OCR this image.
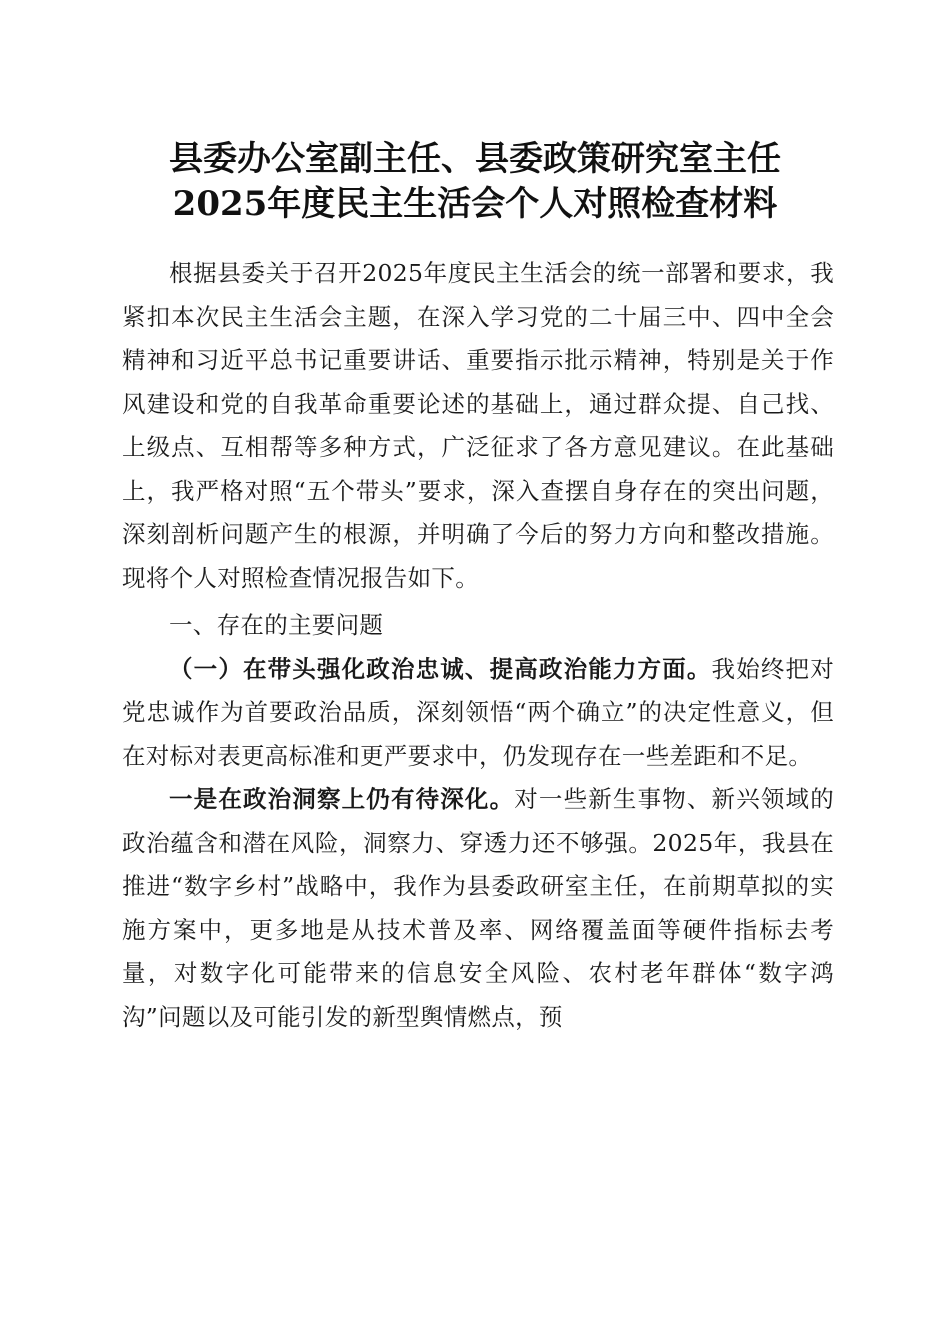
县委办公室副主任、县委政策研究室主任
2025年度民主生活会个人对照检查材料

根据县委关于召开2025年度民主生活会的统一部署和要求，我紧扣本次民主生活会主题，在深入学习党的二十届三中、四中全会精神和习近平总书记重要讲话、重要指示批示精神，特别是关于作风建设和党的自我革命重要论述的基础上，通过群众提、自己找、上级点、互相帮等多种方式，广泛征求了各方意见建议。在此基础上，我严格对照“五个带头”要求，深入查摆自身存在的突出问题，深刻剖析问题产生的根源，并明确了今后的努力方向和整改措施。现将个人对照检查情况报告如下。

一、存在的主要问题

（一）在带头强化政治忠诚、提高政治能力方面。我始终把对党忠诚作为首要政治品质，深刻领悟“两个确立”的决定性意义，但在对标对表更高标准和更严要求中，仍发现存在一些差距和不足。

一是在政治洞察上仍有待深化。对一些新生事物、新兴领域的政治蕴含和潜在风险，洞察力、穿透力还不够强。2025年，我县在推进“数字乡村”战略中，我作为县委政研室主任，在前期草拟的实施方案中，更多地是从技术普及率、网络覆盖面等硬件指标去考量，对数字化可能带来的信息安全风险、农村老年群体“数字鸿沟”问题以及可能引发的新型舆情燃点，预
